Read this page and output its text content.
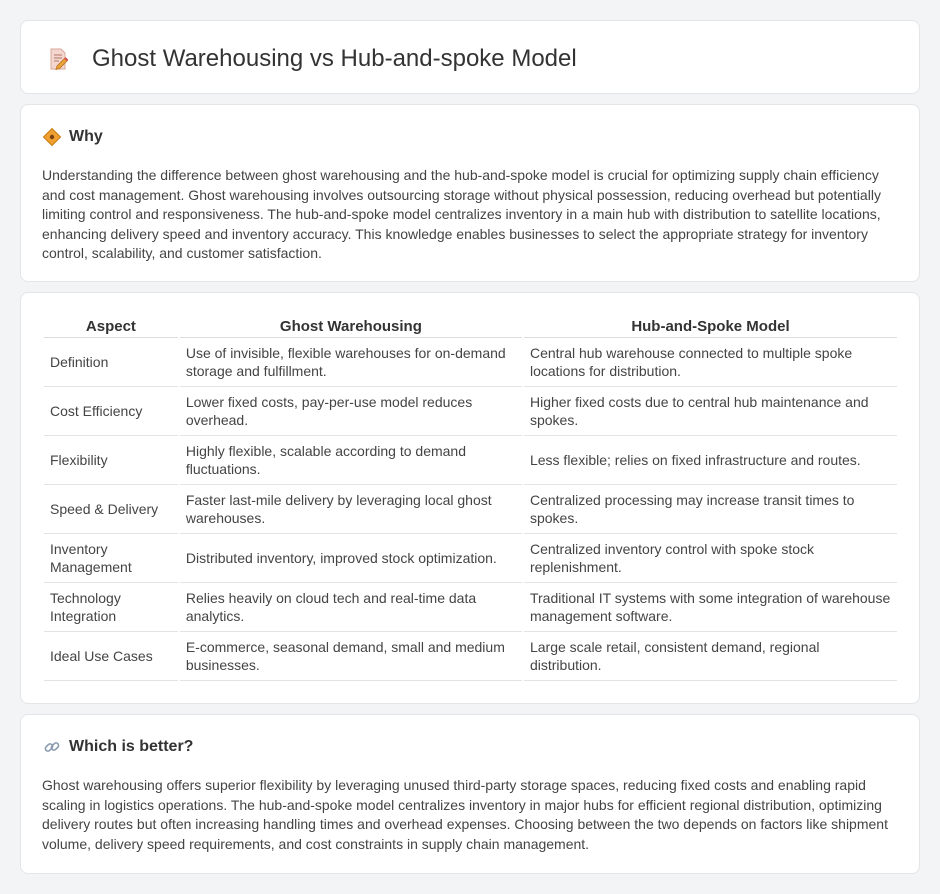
Ghost Warehousing vs Hub-and-spoke Model
Why

Understanding the difference between ghost warehousing and the hub-and-spoke model is crucial for optimizing supply chain efficiency and cost management. Ghost warehousing involves outsourcing storage without physical possession, reducing overhead but potentially limiting control and responsiveness. The hub-and-spoke model centralizes inventory in a main hub with distribution to satellite locations, enhancing delivery speed and inventory accuracy. This knowledge enables businesses to select the appropriate strategy for inventory control, scalability, and customer satisfaction.

Aspect	Ghost Warehousing	Hub-and-Spoke Model
Definition	Use of invisible, flexible warehouses for on-demand storage and fulfillment.	Central hub warehouse connected to multiple spoke locations for distribution.
Cost Efficiency	Lower fixed costs, pay-per-use model reduces overhead.	Higher fixed costs due to central hub maintenance and spokes.
Flexibility	Highly flexible, scalable according to demand fluctuations.	Less flexible; relies on fixed infrastructure and routes.
Speed & Delivery	Faster last-mile delivery by leveraging local ghost warehouses.	Centralized processing may increase transit times to spokes.
Inventory Management	Distributed inventory, improved stock optimization.	Centralized inventory control with spoke stock replenishment.
Technology Integration	Relies heavily on cloud tech and real-time data analytics.	Traditional IT systems with some integration of warehouse management software.
Ideal Use Cases	E-commerce, seasonal demand, small and medium businesses.	Large scale retail, consistent demand, regional distribution.
Which is better?

Ghost warehousing offers superior flexibility by leveraging unused third-party storage spaces, reducing fixed costs and enabling rapid scaling in logistics operations. The hub-and-spoke model centralizes inventory in major hubs for efficient regional distribution, optimizing delivery routes but often increasing handling times and overhead expenses. Choosing between the two depends on factors like shipment volume, delivery speed requirements, and cost constraints in supply chain management.
